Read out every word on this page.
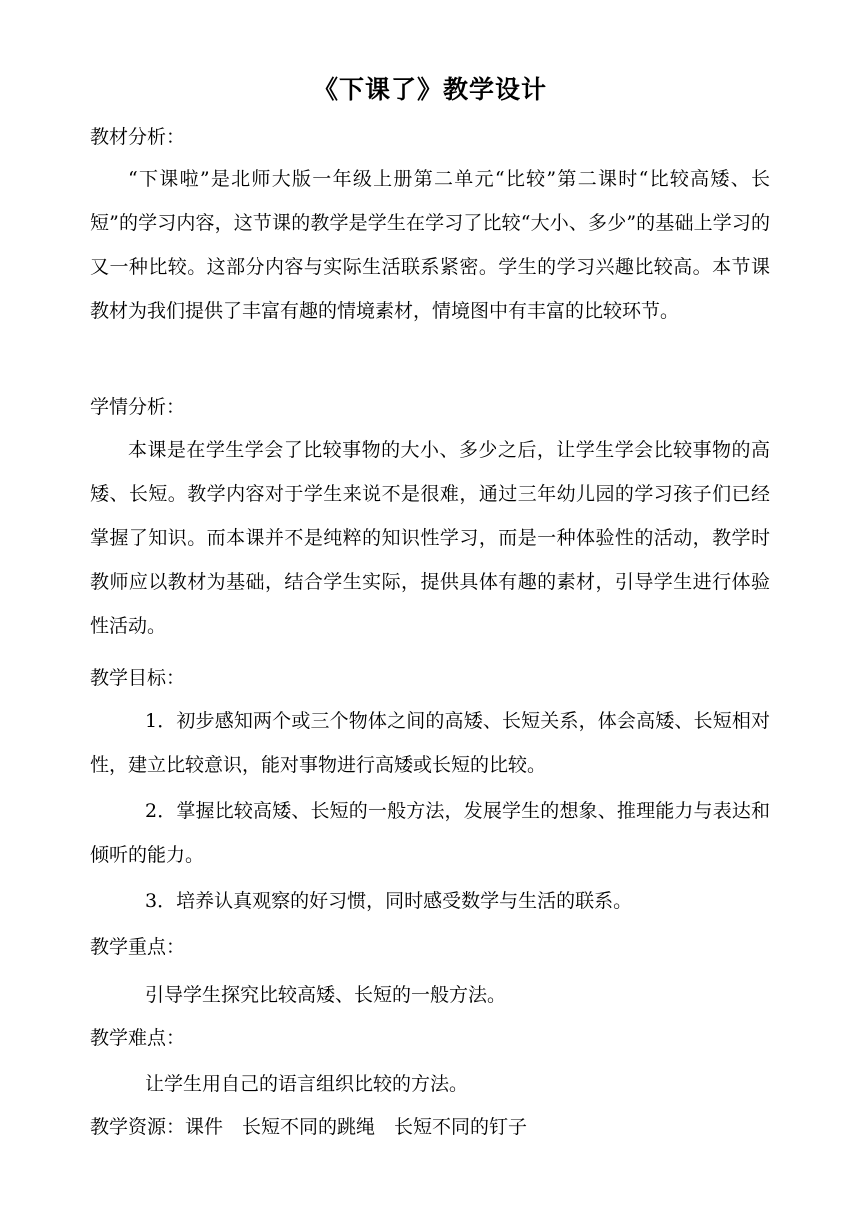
《下课了》教学设计
教材分析：
“下课啦”是北师大版一年级上册第二单元“比较”第二课时“比较高矮、长短”的学习内容，这节课的教学是学生在学习了比较“大小、多少”的基础上学习的又一种比较。这部分内容与实际生活联系紧密。学生的学习兴趣比较高。本节课教材为我们提供了丰富有趣的情境素材，情境图中有丰富的比较环节。
学情分析：
本课是在学生学会了比较事物的大小、多少之后，让学生学会比较事物的高矮、长短。教学内容对于学生来说不是很难，通过三年幼儿园的学习孩子们已经掌握了知识。而本课并不是纯粹的知识性学习，而是一种体验性的活动，教学时教师应以教材为基础，结合学生实际，提供具体有趣的素材，引导学生进行体验性活动。
教学目标：
1．初步感知两个或三个物体之间的高矮、长短关系，体会高矮、长短相对性，建立比较意识，能对事物进行高矮或长短的比较。
2．掌握比较高矮、长短的一般方法，发展学生的想象、推理能力与表达和倾听的能力。
3．培养认真观察的好习惯，同时感受数学与生活的联系。
教学重点：
引导学生探究比较高矮、长短的一般方法。
教学难点：
让学生用自己的语言组织比较的方法。
教学资源：课件　长短不同的跳绳　长短不同的钉子
